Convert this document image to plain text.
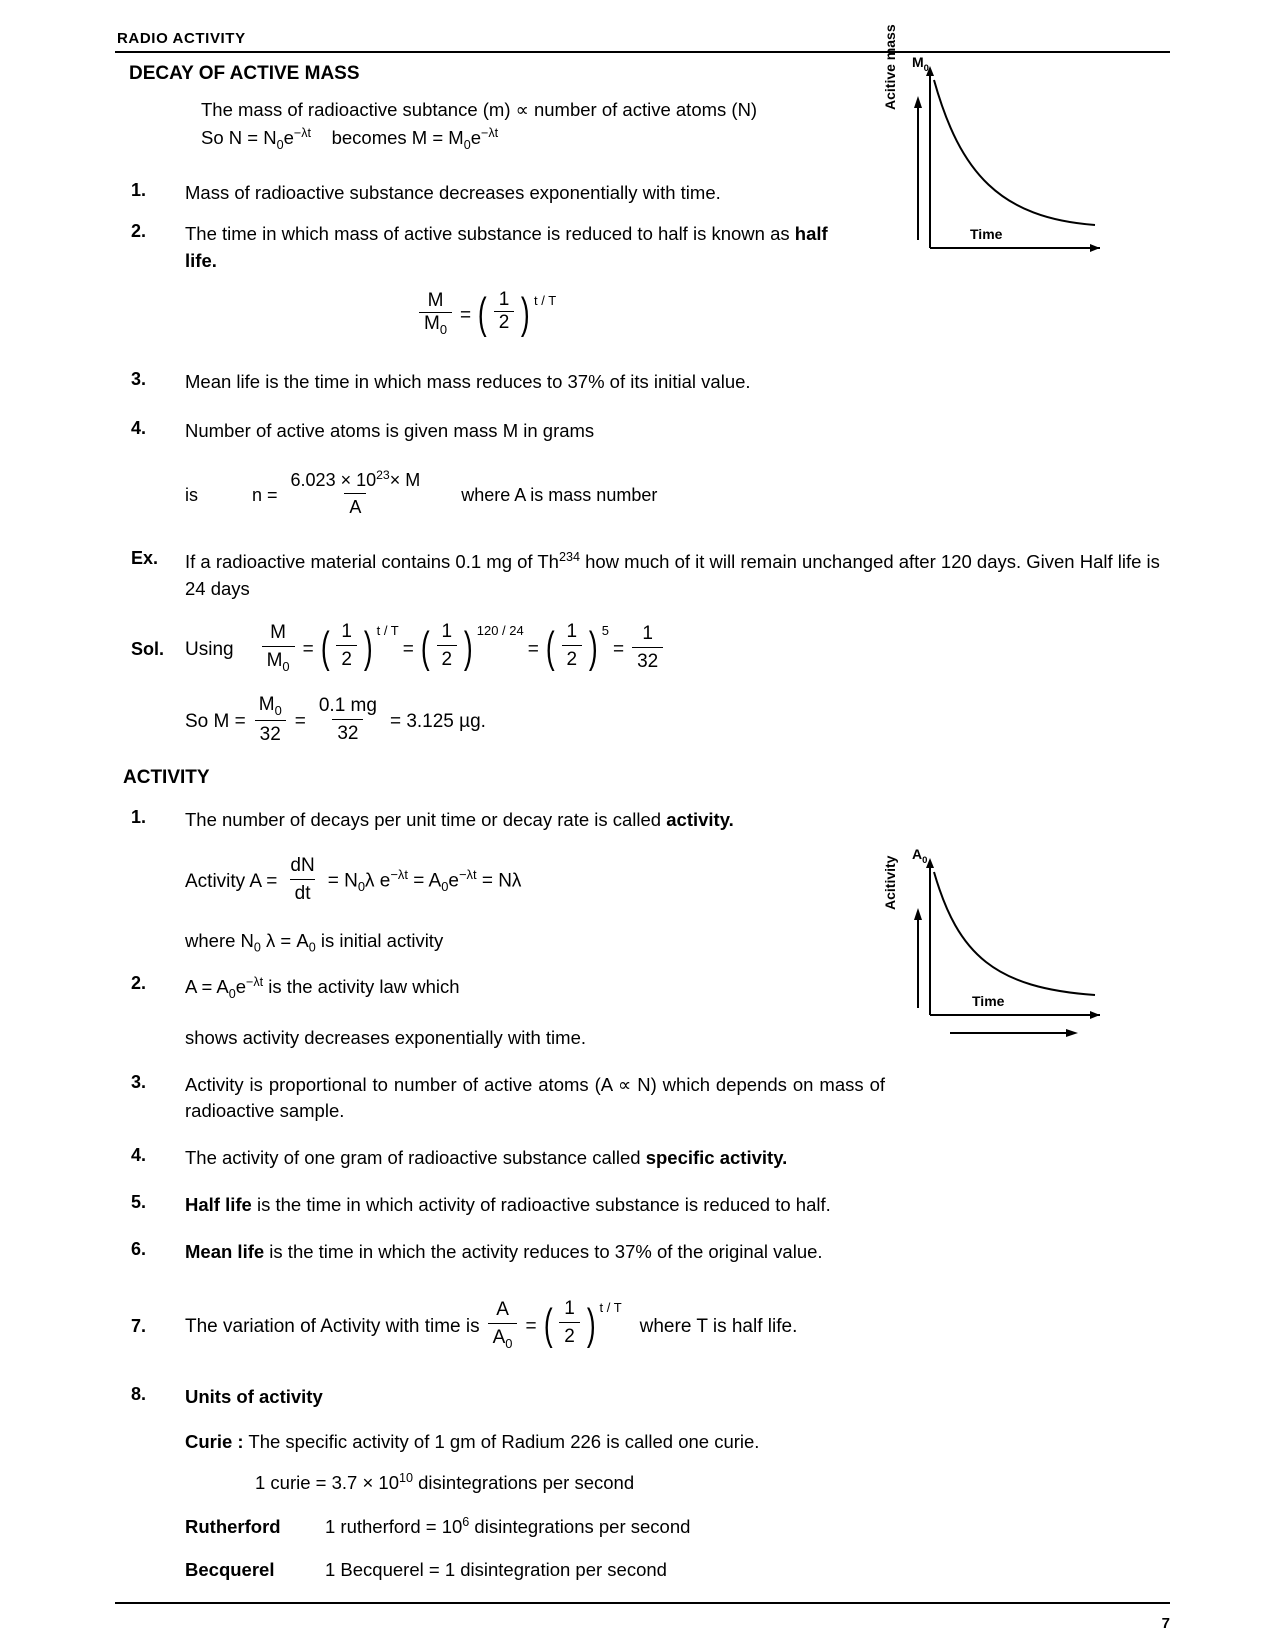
RADIO ACTIVITY
DECAY OF ACTIVE MASS
The mass of radioactive subtance (m) ∝ number of active atoms (N)
So $N = N_0e^{-\lambda t}$ becomes $M = M_0e^{-\lambda t}$
1.	Mass of radioactive substance decreases exponentially with time.
2.	The time in which mass of active substance is reduced to half is known as half life.
$\frac{M}{M_0}$ = ( $\frac{1}{2}$ ) t / T
3.	Mean life is the time in which mass reduces to 37% of its initial value.
4.	Number of active atoms is given mass M in grams
is	$n = \frac{6.023 \times 10^{23}\times M}{A}$ where A is mass number
Ex.	If a radioactive material contains 0.1 mg of Th$^{234}$ how much of it will remain unchanged after 120 days. Given Half life is 24 days
Sol.	Using $\frac{M}{M_0}$ = ( $\frac{1}{2}$ ) t / T
= ( $\frac{1}{2}$ ) 120 / 24
= ( $\frac{1}{2}$ ) 5
= $\frac{1}{32}$
So $M = \frac{M_0}{32} = \frac{0.1 mg}{32} = 3.125$ µg.
ACTIVITY
1.	The number of decays per unit time or decay rate is called activity.
Activity $A = \frac{dN}{dt} = N_0\lambda$ $e^{-\lambda t} = A_0e^{-\lambda t} = N\lambda$
where $N_0$ $\lambda = A_0$ is initial activity
2.	$A = A_0e^{-\lambda t}$ is the activity law which
shows activity decreases exponentially with time.
3.	Activity is proportional to number of active atoms (A ∝ N) which depends on mass of radioactive sample.
4.	The activity of one gram of radioactive substance called specific activity.
5.	Half life is the time in which activity of radioactive substance is reduced to half.
6.	Mean life is the time in which the activity reduces to 37% of the original value.
7.	The variation of Activity with time is $\frac{A}{A_0}$ = ( $\frac{1}{2}$ ) t / T
where T is half life.
8.	Units of activity
Curie : The specific activity of 1 gm of Radium 226 is called one curie.
1 curie = $3.7 \times 10^{10}$ disintegrations per second
Rutherford 1 rutherford = $10^6$ disintegrations per second
Becquerel	1 Becquerel = 1 disintegration per second
Acitive mass $M_0$
Time
Acitivity
$A_0$
Time
7
